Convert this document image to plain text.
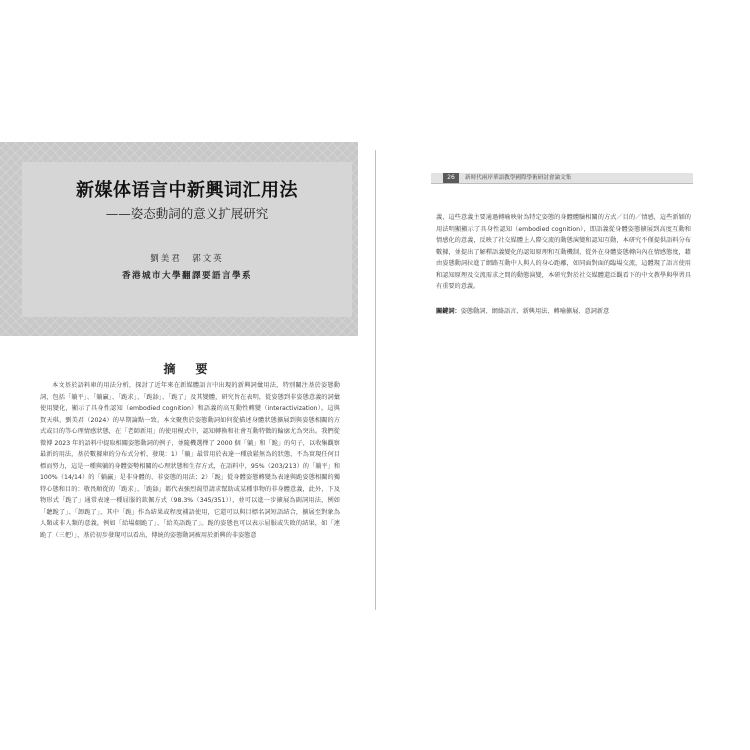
新媒体语言中新興词汇用法
——姿态動詞的意义扩展研究
劉美君　郭文英
香港城市大學翻譯要語言學系
摘　要

本文基於語料庫的用法分析，探討了近年來在新媒體語言中出現的新興詞彙用法，特別關注基於姿態動詞，包括「躺平」、「躺贏」、「跪求」、「跪舔」、「跪了」及其變體，研究旨在表明，從姿態到非姿態意義的詞彙使用變化，顯示了具身性認知（embodied cognition）和語義的高互動性轉變（interactivization）。這與賀天琪、劉美君（2024）的早期論點一致。本文聚焦於姿態動詞如何從描述身體狀態擴展到與姿態相關的方式或目的等心理情感狀態，在「老師新用」的使用模式中，認知轉換和社會互動特徵的輪廓尤為突出。我們從微博 2023 年的語料中提取相關姿態動詞的例子，並隨機選擇了 2000 個「躺」和「跪」的句子，以收集觀察最新的用法，基於數據庫的分布式分析，發現：1）「躺」最常用於表達一種放鬆無為的狀態，不為實現任何目標而努力，這是一種與躺的身體姿勢相關的心理狀態和生存方式，在語料中，95%（203/213）的「躺平」和 100%（14/14）的「躺贏」是非身體的、非姿態的用法；2）「跪」從身體姿態轉變為表達與跪姿態相關的獨特心態和目的：敬畏順從的「跪求」、「跪舔」都代表強烈渴望請求幫助或某種事物的非身體意義，此外，下及物形式「跪了」通常表達一種屈服的欽佩方式（98.3%（345/351）），並可以進一步擴展為副詞用法，例如「聽跪了」、「卸跪了」，其中「跪」作為結果或程度補語使用，它還可以與目標名詞短語結合，擴展至對象為人類或非人類的意義，例如「給場劇跪了」、「給英語跪了」。跪的姿態也可以表示屈服或失敗的結果，如「連跪了（三把）」，基於初步發現可以看出，傳統的姿態動詞被用於新興的非姿態意

26	新時代兩岸華語教學國際學術研討會論文集

義，這些意義主要通過轉喻映射為特定姿態的身體體驗相關的方式／目的／情感，這些新穎的用法明顯顯示了具身性認知（embodied cognition），即語義從身體姿態擴展到高度互動和情感化的意義，反映了社交媒體上人際交流的動態演變和認知互動，本研究不僅提供語料分布數據，並提出了解釋語義變化的認知原理和互動機制，從外在身體姿態轉向內在情感態度，藉由姿態動詞拉進了網路互動中人與人的身心距離，如同面對面的臨場交流，這體現了語言使用和認知原理及交流需求之間的動態演變，本研究對於社交媒體還泛觀看下的中文教學與學習具有重要的意義。

關鍵詞：姿態動詞、網絡語言、新興用法、轉喻擴展、意詞新意
